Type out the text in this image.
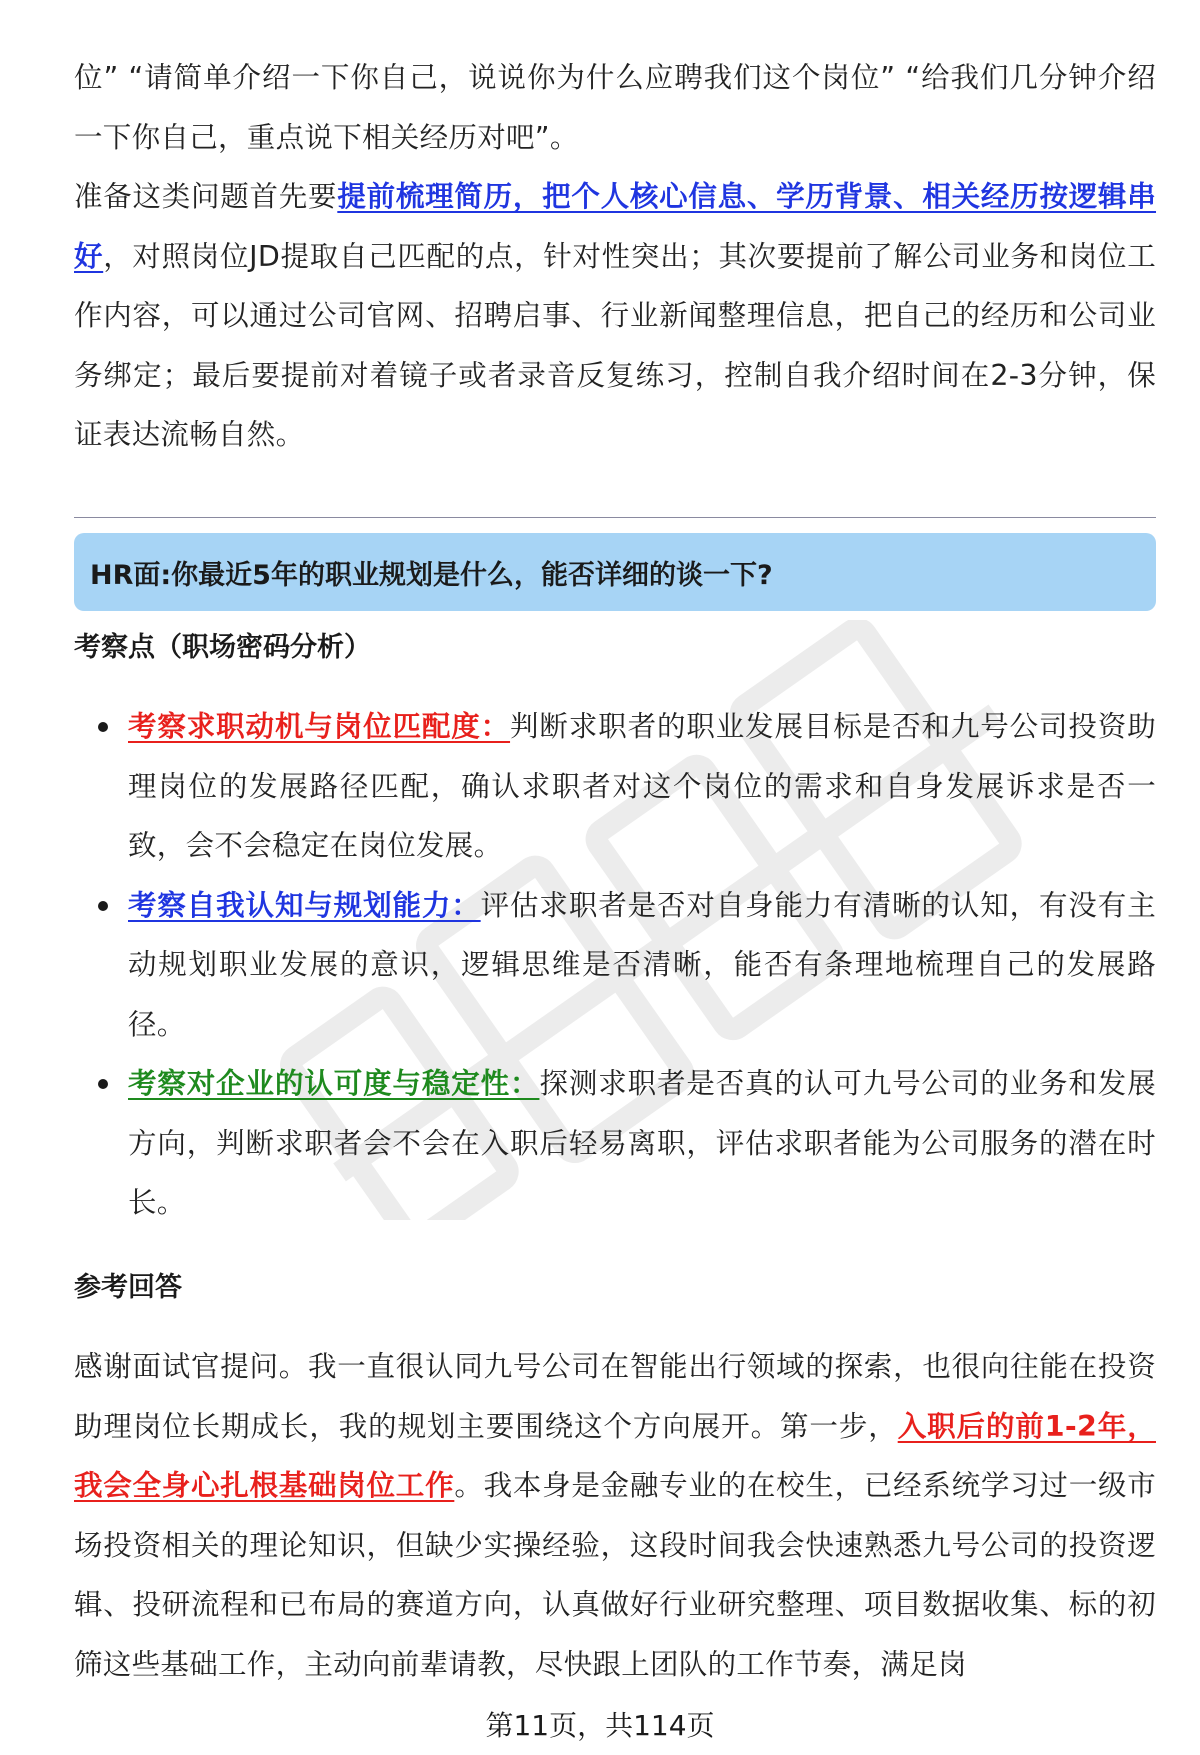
位” “请简单介绍一下你自己，说说你为什么应聘我们这个岗位” “给我们几分钟介绍一下你自己，重点说下相关经历对吧”。

准备这类问题首先要提前梳理简历，把个人核心信息、学历背景、相关经历按逻辑串好，对照岗位JD提取自己匹配的点，针对性突出；其次要提前了解公司业务和岗位工作内容，可以通过公司官网、招聘启事、行业新闻整理信息，把自己的经历和公司业务绑定；最后要提前对着镜子或者录音反复练习，控制自我介绍时间在2-3分钟，保证表达流畅自然。

HR面:你最近5年的职业规划是什么，能否详细的谈一下?
考察点（职场密码分析）
考察求职动机与岗位匹配度：判断求职者的职业发展目标是否和九号公司投资助理岗位的发展路径匹配，确认求职者对这个岗位的需求和自身发展诉求是否一致，会不会稳定在岗位发展。
考察自我认知与规划能力：评估求职者是否对自身能力有清晰的认知，有没有主动规划职业发展的意识，逻辑思维是否清晰，能否有条理地梳理自己的发展路径。
考察对企业的认可度与稳定性：探测求职者是否真的认可九号公司的业务和发展方向，判断求职者会不会在入职后轻易离职，评估求职者能为公司服务的潜在时长。
参考回答

感谢面试官提问。我一直很认同九号公司在智能出行领域的探索，也很向往能在投资助理岗位长期成长，我的规划主要围绕这个方向展开。第一步，入职后的前1-2年，我会全身心扎根基础岗位工作。我本身是金融专业的在校生，已经系统学习过一级市场投资相关的理论知识，但缺少实操经验，这段时间我会快速熟悉九号公司的投资逻辑、投研流程和已布局的赛道方向，认真做好行业研究整理、项目数据收集、标的初筛这些基础工作，主动向前辈请教，尽快跟上团队的工作节奏，满足岗

第11页，共114页
